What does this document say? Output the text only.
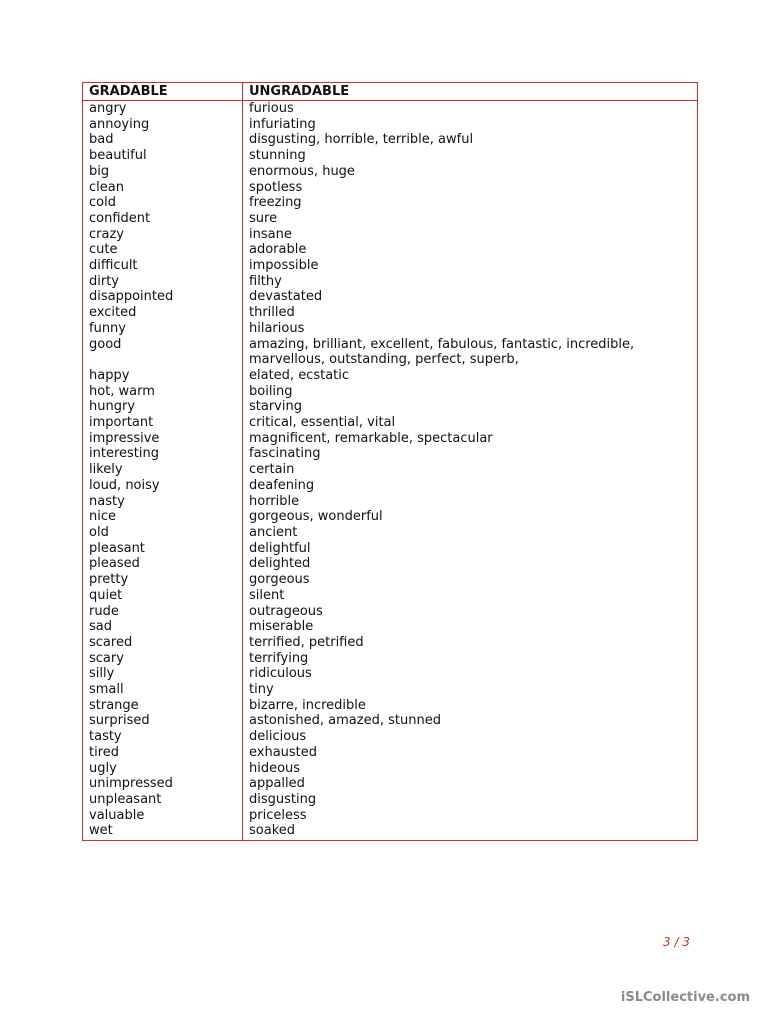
GRADABLE	UNGRADABLE
angry	furious
annoying	infuriating
bad	disgusting, horrible, terrible, awful
beautiful	stunning
big	enormous, huge
clean	spotless
cold	freezing
confident	sure
crazy	insane
cute	adorable
difficult	impossible
dirty	filthy
disappointed	devastated
excited	thrilled
funny	hilarious
good	amazing, brilliant, excellent, fabulous, fantastic, incredible, marvellous, outstanding, perfect, superb,
happy	elated, ecstatic
hot, warm	boiling
hungry	starving
important	critical, essential, vital
impressive	magnificent, remarkable, spectacular
interesting	fascinating
likely	certain
loud, noisy	deafening
nasty	horrible
nice	gorgeous, wonderful
old	ancient
pleasant	delightful
pleased	delighted
pretty	gorgeous
quiet	silent
rude	outrageous
sad	miserable
scared	terrified, petrified
scary	terrifying
silly	ridiculous
small	tiny
strange	bizarre, incredible
surprised	astonished, amazed, stunned
tasty	delicious
tired	exhausted
ugly	hideous
unimpressed	appalled
unpleasant	disgusting
valuable	priceless
wet	soaked
3 / 3
iSLCollective.com
